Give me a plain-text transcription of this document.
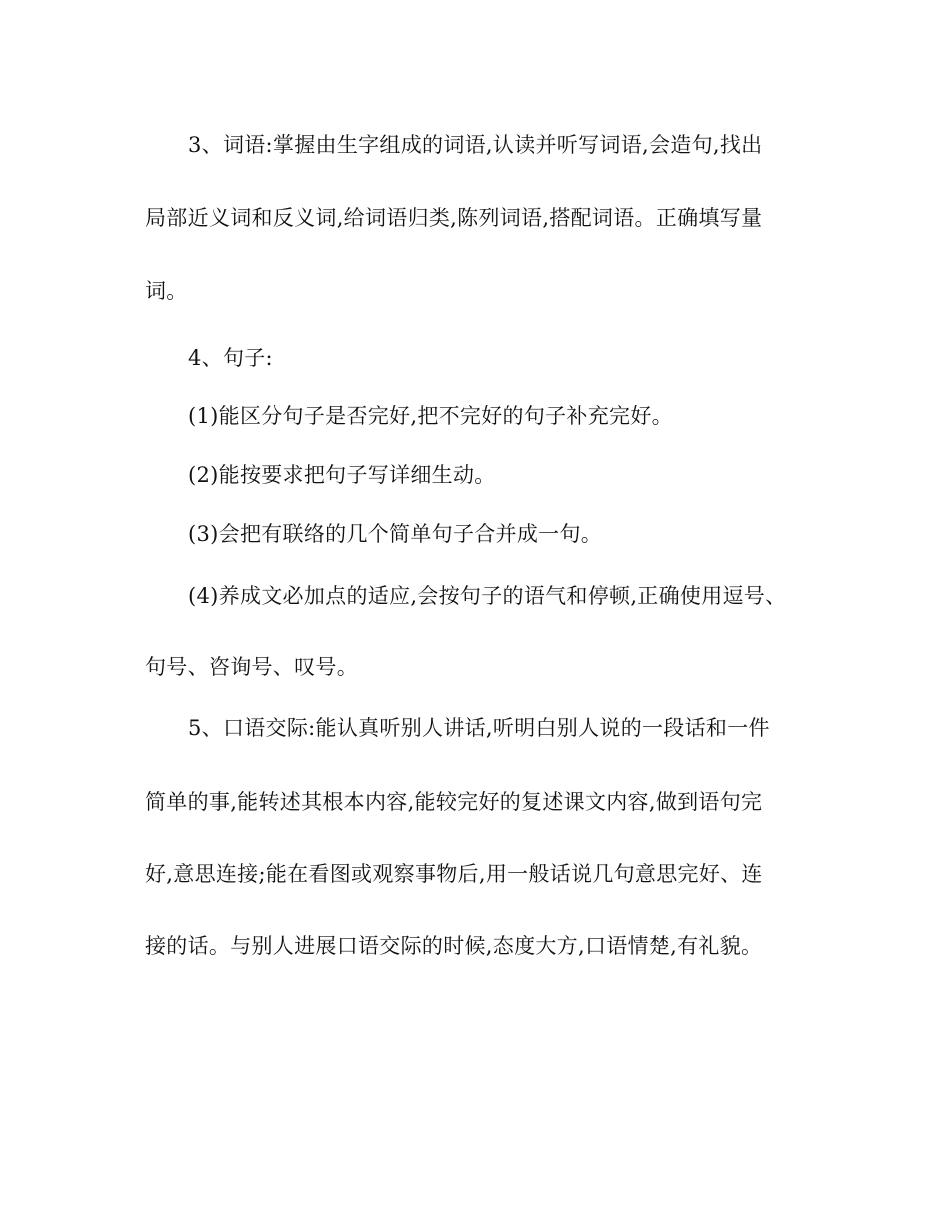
3、词语:掌握由生字组成的词语,认读并听写词语,会造句,找出
局部近义词和反义词,给词语归类,陈列词语,搭配词语。正确填写量
词。
4、句子:
(1)能区分句子是否完好,把不完好的句子补充完好。
(2)能按要求把句子写详细生动。
(3)会把有联络的几个简单句子合并成一句。
(4)养成文必加点的适应,会按句子的语气和停顿,正确使用逗号、
句号、咨询号、叹号。
5、口语交际:能认真听别人讲话,听明白别人说的一段话和一件
简单的事,能转述其根本内容,能较完好的复述课文内容,做到语句完
好,意思连接;能在看图或观察事物后,用一般话说几句意思完好、连
接的话。与别人进展口语交际的时候,态度大方,口语情楚,有礼貌。
